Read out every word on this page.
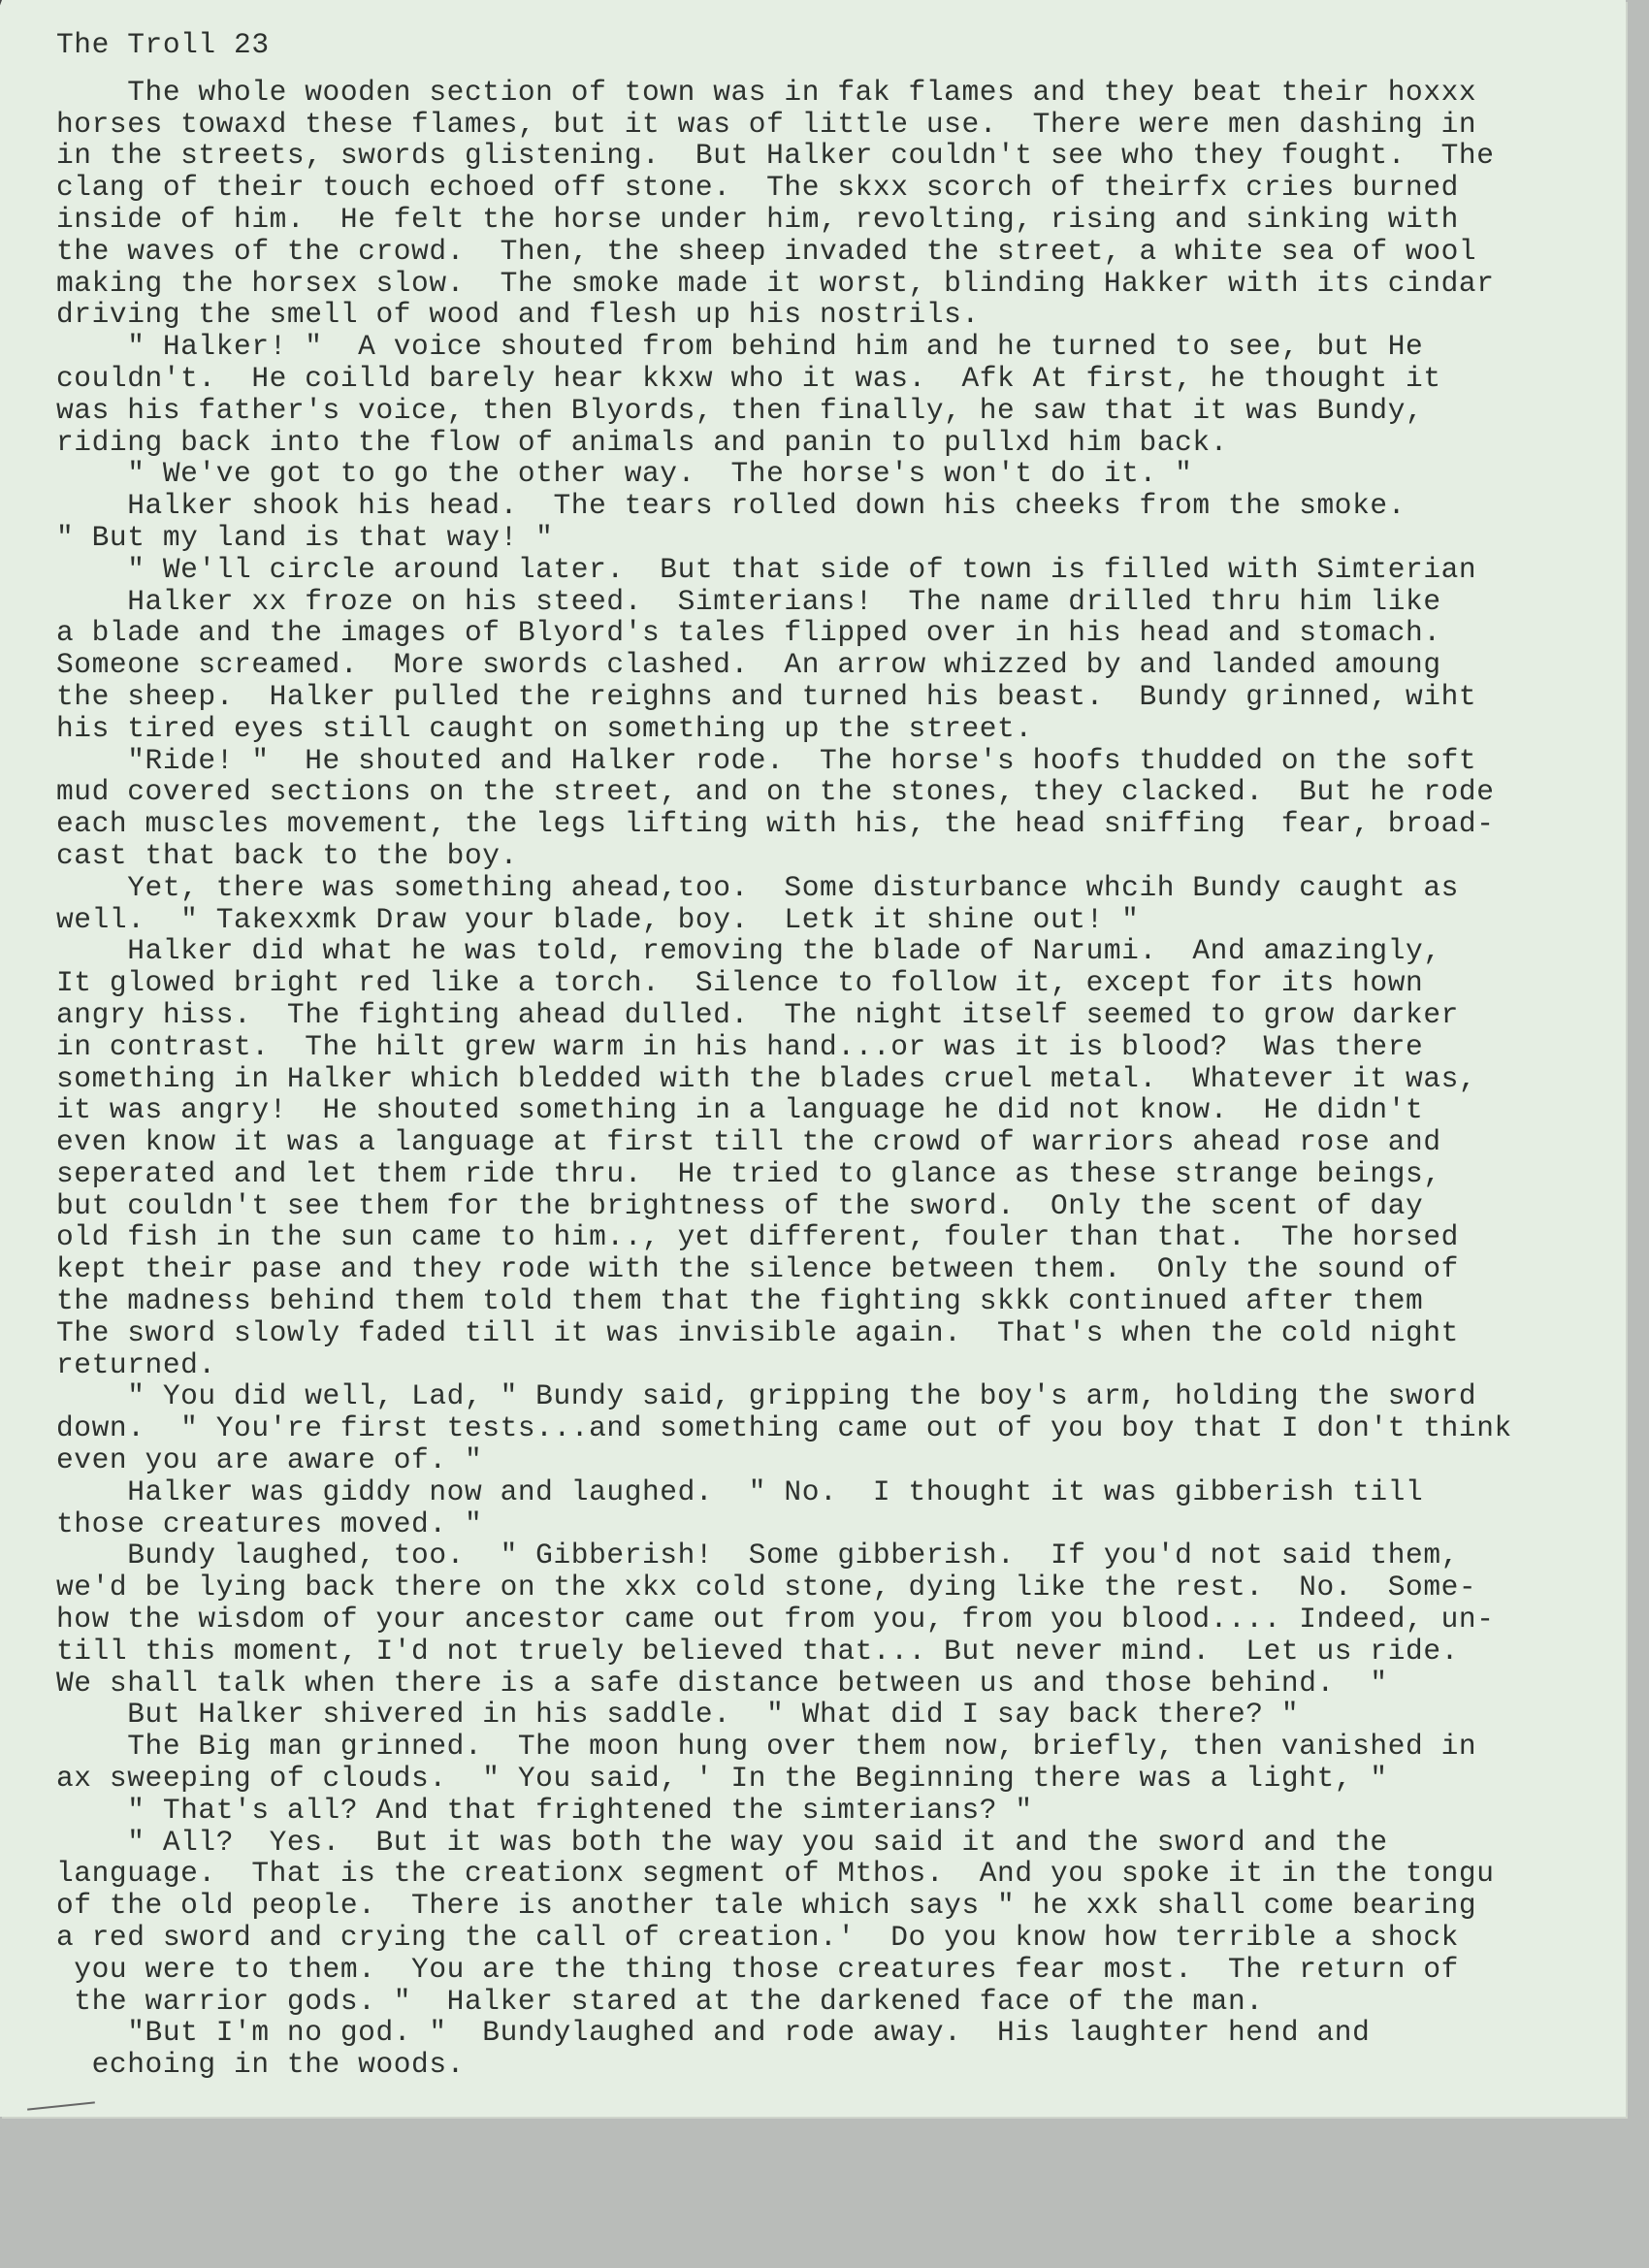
The Troll 23
The whole wooden section of town was in fak flames and they beat their hoxxx
horses towaxd these flames, but it was of little use.  There were men dashing in
in the streets, swords glistening.  But Halker couldn't see who they fought.  The
clang of their touch echoed off stone.  The skxx scorch of theirfx cries burned
inside of him.  He felt the horse under him, revolting, rising and sinking with
the waves of the crowd.  Then, the sheep invaded the street, a white sea of wool
making the horsex slow.  The smoke made it worst, blinding Hakker with its cindar
driving the smell of wood and flesh up his nostrils.
" Halker! "  A voice shouted from behind him and he turned to see, but He
couldn't.  He coilld barely hear kkxw who it was.  Afk At first, he thought it
was his father's voice, then Blyords, then finally, he saw that it was Bundy,
riding back into the flow of animals and panin to pullxd him back.
" We've got to go the other way.  The horse's won't do it. "
Halker shook his head.  The tears rolled down his cheeks from the smoke.
" But my land is that way! "
" We'll circle around later.  But that side of town is filled with Simterian
Halker xx froze on his steed.  Simterians!  The name drilled thru him like
a blade and the images of Blyord's tales flipped over in his head and stomach.
Someone screamed.  More swords clashed.  An arrow whizzed by and landed amoung
the sheep.  Halker pulled the reighns and turned his beast.  Bundy grinned, wiht
his tired eyes still caught on something up the street.
"Ride! "  He shouted and Halker rode.  The horse's hoofs thudded on the soft
mud covered sections on the street, and on the stones, they clacked.  But he rode
each muscles movement, the legs lifting with his, the head sniffing  fear, broad-
cast that back to the boy.
Yet, there was something ahead,too.  Some disturbance whcih Bundy caught as
well.  " Takexxmk Draw your blade, boy.  Letk it shine out! "
Halker did what he was told, removing the blade of Narumi.  And amazingly,
It glowed bright red like a torch.  Silence to follow it, except for its hown
angry hiss.  The fighting ahead dulled.  The night itself seemed to grow darker
in contrast.  The hilt grew warm in his hand...or was it is blood?  Was there
something in Halker which bledded with the blades cruel metal.  Whatever it was,
it was angry!  He shouted something in a language he did not know.  He didn't
even know it was a language at first till the crowd of warriors ahead rose and
seperated and let them ride thru.  He tried to glance as these strange beings,
but couldn't see them for the brightness of the sword.  Only the scent of day
old fish in the sun came to him.., yet different, fouler than that.  The horsed
kept their pase and they rode with the silence between them.  Only the sound of
the madness behind them told them that the fighting skkk continued after them
The sword slowly faded till it was invisible again.  That's when the cold night
returned.
" You did well, Lad, " Bundy said, gripping the boy's arm, holding the sword
down.  " You're first tests...and something came out of you boy that I don't think
even you are aware of. "
Halker was giddy now and laughed.  " No.  I thought it was gibberish till
those creatures moved. "
Bundy laughed, too.  " Gibberish!  Some gibberish.  If you'd not said them,
we'd be lying back there on the xkx cold stone, dying like the rest.  No.  Some-
how the wisdom of your ancestor came out from you, from you blood.... Indeed, un-
till this moment, I'd not truely believed that... But never mind.  Let us ride.
We shall talk when there is a safe distance between us and those behind.  "
But Halker shivered in his saddle.  " What did I say back there? "
The Big man grinned.  The moon hung over them now, briefly, then vanished in
ax sweeping of clouds.  " You said, ' In the Beginning there was a light, "
" That's all? And that frightened the simterians? "
" All?  Yes.  But it was both the way you said it and the sword and the
language.  That is the creationx segment of Mthos.  And you spoke it in the tongu
of the old people.  There is another tale which says " he xxk shall come bearing
a red sword and crying the call of creation.'  Do you know how terrible a shock
you were to them.  You are the thing those creatures fear most.  The return of
the warrior gods. "  Halker stared at the darkened face of the man.
"But I'm no god. "  Bundylaughed and rode away.  His laughter hend and
echoing in the woods.
